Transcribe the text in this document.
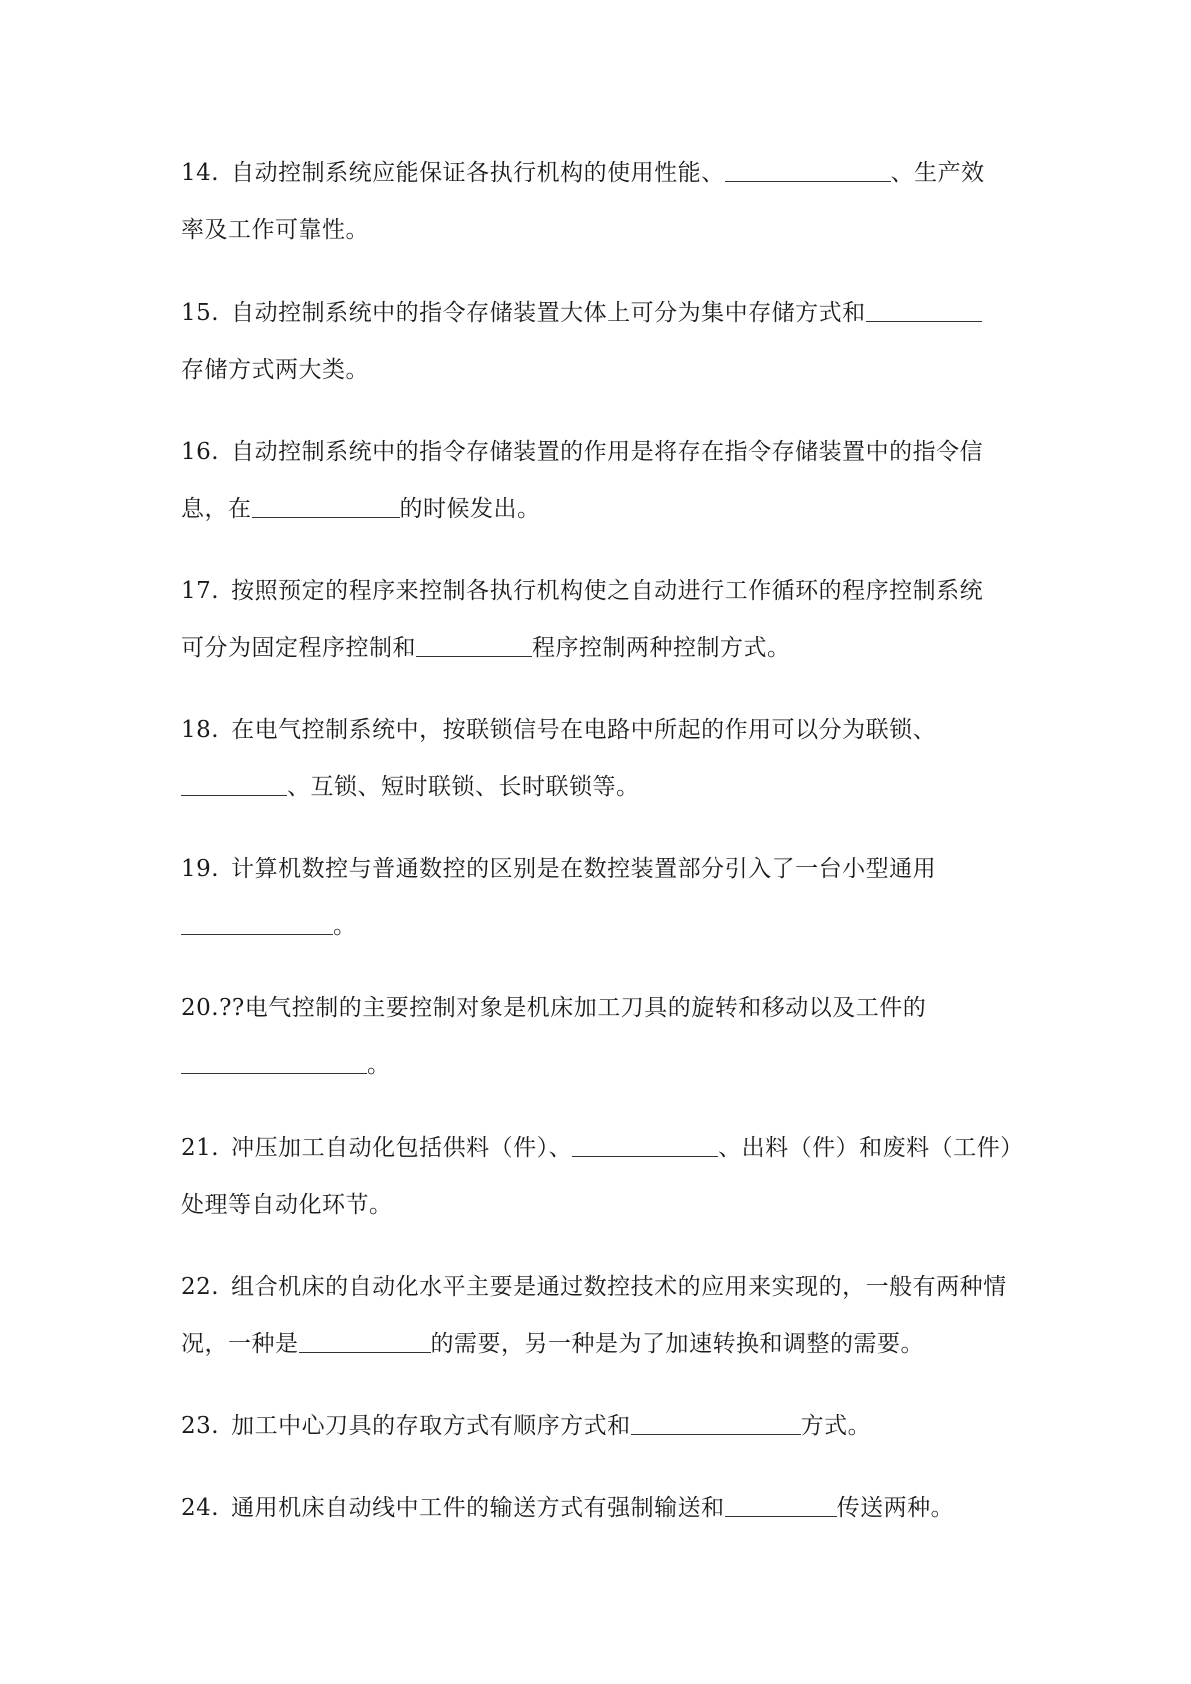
14. 自动控制系统应能保证各执行机构的使用性能、	、生产效
率及工作可靠性。
15. 自动控制系统中的指令存储装置大体上可分为集中存储方式和
存储方式两大类。
16. 自动控制系统中的指令存储装置的作用是将存在指令存储装置中的指令信
息，在	的时候发出。
17. 按照预定的程序来控制各执行机构使之自动进行工作循环的程序控制系统
可分为固定程序控制和	程序控制两种控制方式。
18. 在电气控制系统中，按联锁信号在电路中所起的作用可以分为联锁、
、互锁、短时联锁、长时联锁等。
19. 计算机数控与普通数控的区别是在数控装置部分引入了一台小型通用
。
20.??电气控制的主要控制对象是机床加工刀具的旋转和移动以及工件的
。
21. 冲压加工自动化包括供料（件）、	、出料（件）和废料（工件）
处理等自动化环节。
22. 组合机床的自动化水平主要是通过数控技术的应用来实现的，一般有两种情
况，一种是	的需要，另一种是为了加速转换和调整的需要。
23. 加工中心刀具的存取方式有顺序方式和	方式。
24. 通用机床自动线中工件的输送方式有强制输送和	传送两种。
